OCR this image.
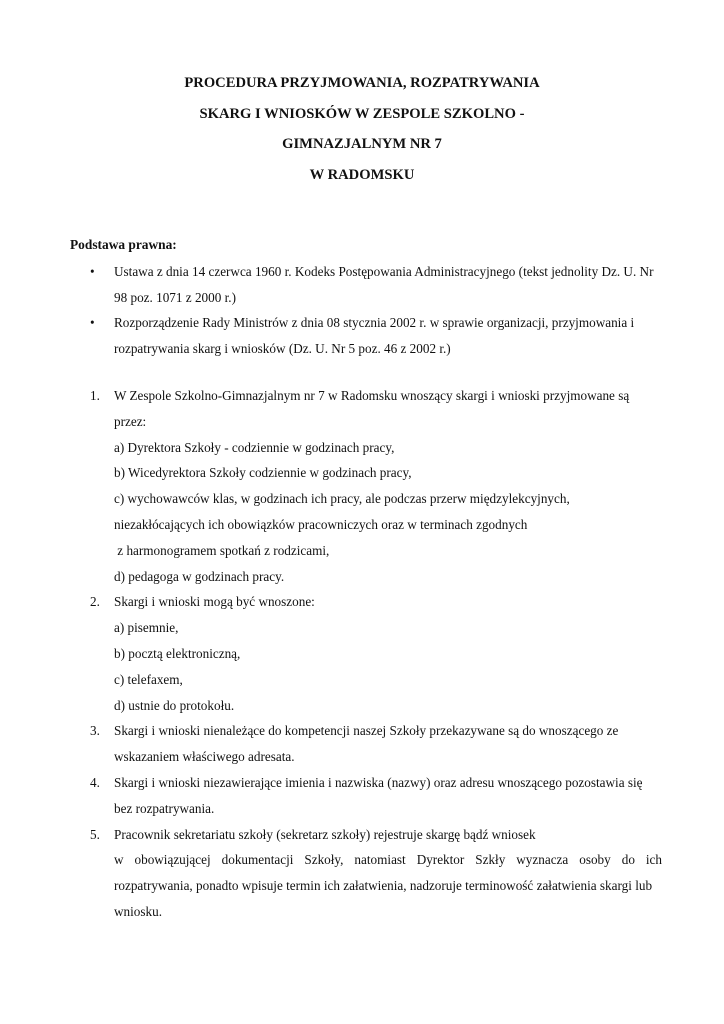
PROCEDURA PRZYJMOWANIA, ROZPATRYWANIA
SKARG I WNIOSKÓW W ZESPOLE SZKOLNO -
GIMNAZJALNYM NR 7
W RADOMSKU
Podstawa prawna:
• Ustawa z dnia 14 czerwca 1960 r. Kodeks Postępowania Administracyjnego (tekst jednolity Dz. U. Nr
98 poz. 1071 z 2000 r.)
• Rozporządzenie Rady Ministrów z dnia 08 stycznia 2002 r. w sprawie organizacji, przyjmowania i
rozpatrywania skarg i wniosków (Dz. U. Nr 5 poz. 46 z 2002 r.)
1. W Zespole Szkolno-Gimnazjalnym nr 7 w Radomsku wnoszący skargi i wnioski przyjmowane są
przez:
a) Dyrektora Szkoły - codziennie w godzinach pracy,
b) Wicedyrektora Szkoły codziennie w godzinach pracy,
c) wychowawców klas, w godzinach ich pracy, ale podczas przerw międzylekcyjnych,
niezakłócających ich obowiązków pracowniczych oraz w terminach zgodnych
z harmonogramem spotkań z rodzicami,
d) pedagoga w godzinach pracy.
2. Skargi i wnioski mogą być wnoszone:
a) pisemnie,
b) pocztą elektroniczną,
c) telefaxem,
d) ustnie do protokołu.
3. Skargi i wnioski nienależące do kompetencji naszej Szkoły przekazywane są do wnoszącego ze
wskazaniem właściwego adresata.
4. Skargi i wnioski niezawierające imienia i nazwiska (nazwy) oraz adresu wnoszącego pozostawia się
bez rozpatrywania.
5. Pracownik sekretariatu szkoły (sekretarz szkoły) rejestruje skargę bądź wniosek
w obowiązującej dokumentacji Szkoły, natomiast Dyrektor Szkły wyznacza osoby do ich
rozpatrywania, ponadto wpisuje termin ich załatwienia, nadzoruje terminowość załatwienia skargi lub
wniosku.
